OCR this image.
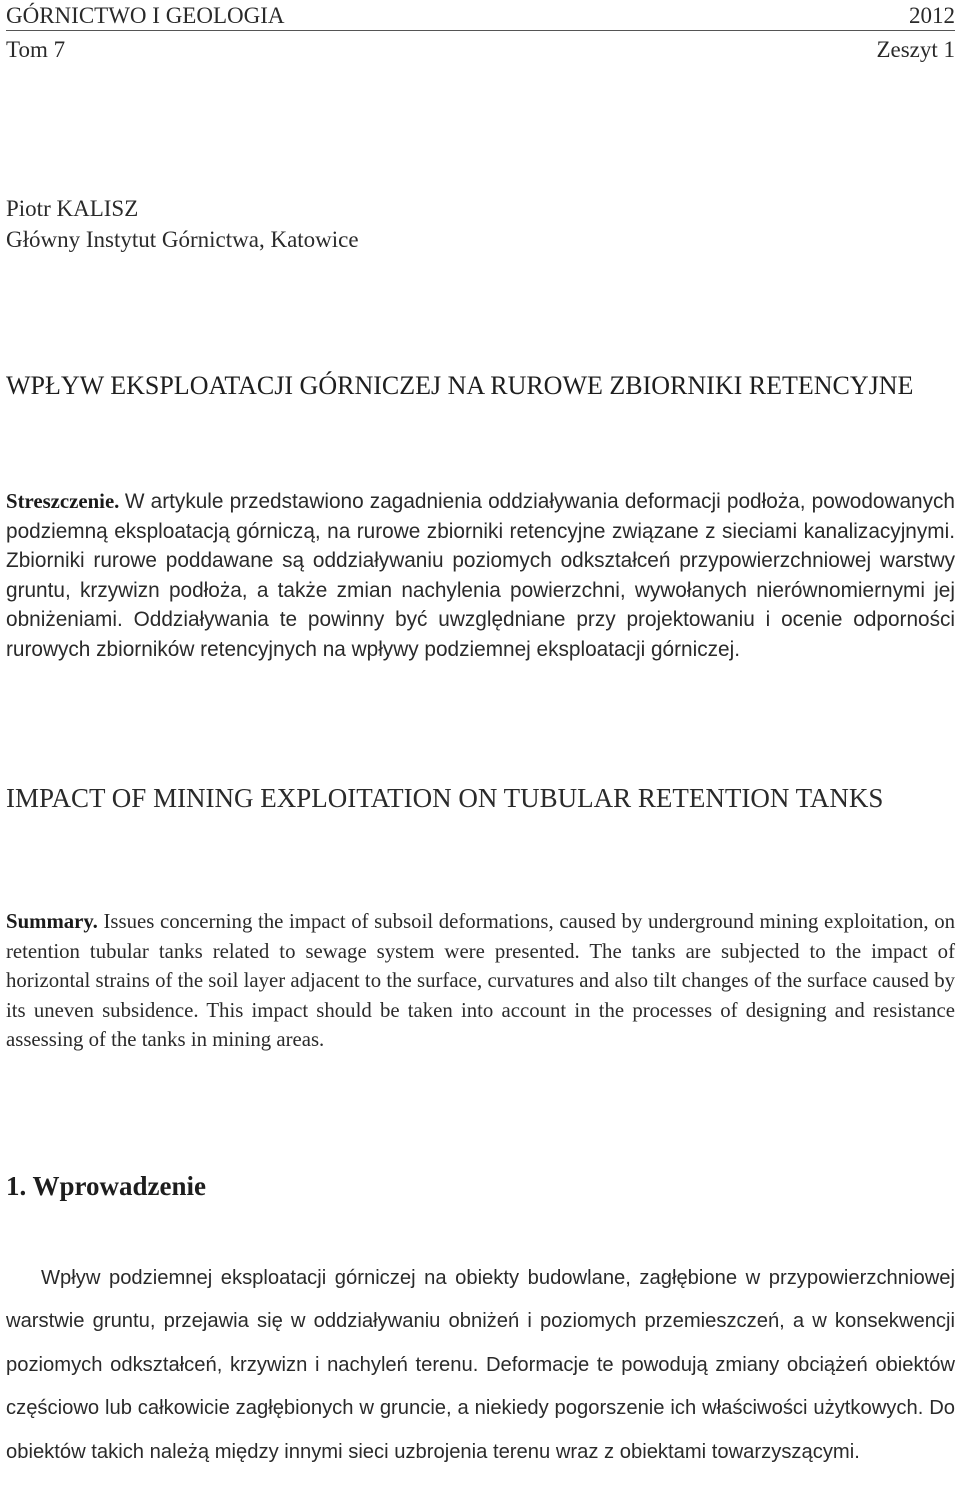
GÓRNICTWO I GEOLOGIA	2012
Tom 7	Zeszyt 1
Piotr KALISZ
Główny Instytut Górnictwa, Katowice
WPŁYW EKSPLOATACJI GÓRNICZEJ NA RUROWE ZBIORNIKI RETENCYJNE
Streszczenie. W artykule przedstawiono zagadnienia oddziaływania deformacji podłoża, powodowanych podziemną eksploatacją górniczą, na rurowe zbiorniki retencyjne związane z sieciami kanalizacyjnymi. Zbiorniki rurowe poddawane są oddziaływaniu poziomych odkształceń przypowierzchniowej warstwy gruntu, krzywizn podłoża, a także zmian nachylenia powierzchni, wywołanych nierównomiernymi jej obniżeniami. Oddziaływania te powinny być uwzględniane przy projektowaniu i ocenie odporności rurowych zbiorników retencyjnych na wpływy podziemnej eksploatacji górniczej.
IMPACT OF MINING EXPLOITATION ON TUBULAR RETENTION TANKS
Summary. Issues concerning the impact of subsoil deformations, caused by underground mining exploitation, on retention tubular tanks related to sewage system were presented. The tanks are subjected to the impact of horizontal strains of the soil layer adjacent to the surface, curvatures and also tilt changes of the surface caused by its uneven subsidence. This impact should be taken into account in the processes of designing and resistance assessing of the tanks in mining areas.
1. Wprowadzenie
Wpływ podziemnej eksploatacji górniczej na obiekty budowlane, zagłębione w przypowierzchniowej warstwie gruntu, przejawia się w oddziaływaniu obniżeń i poziomych przemieszczeń, a w konsekwencji poziomych odkształceń, krzywizn i nachyleń terenu. Deformacje te powodują zmiany obciążeń obiektów częściowo lub całkowicie zagłębionych w gruncie, a niekiedy pogorszenie ich właściwości użytkowych. Do obiektów takich należą między innymi sieci uzbrojenia terenu wraz z obiektami towarzyszącymi.
